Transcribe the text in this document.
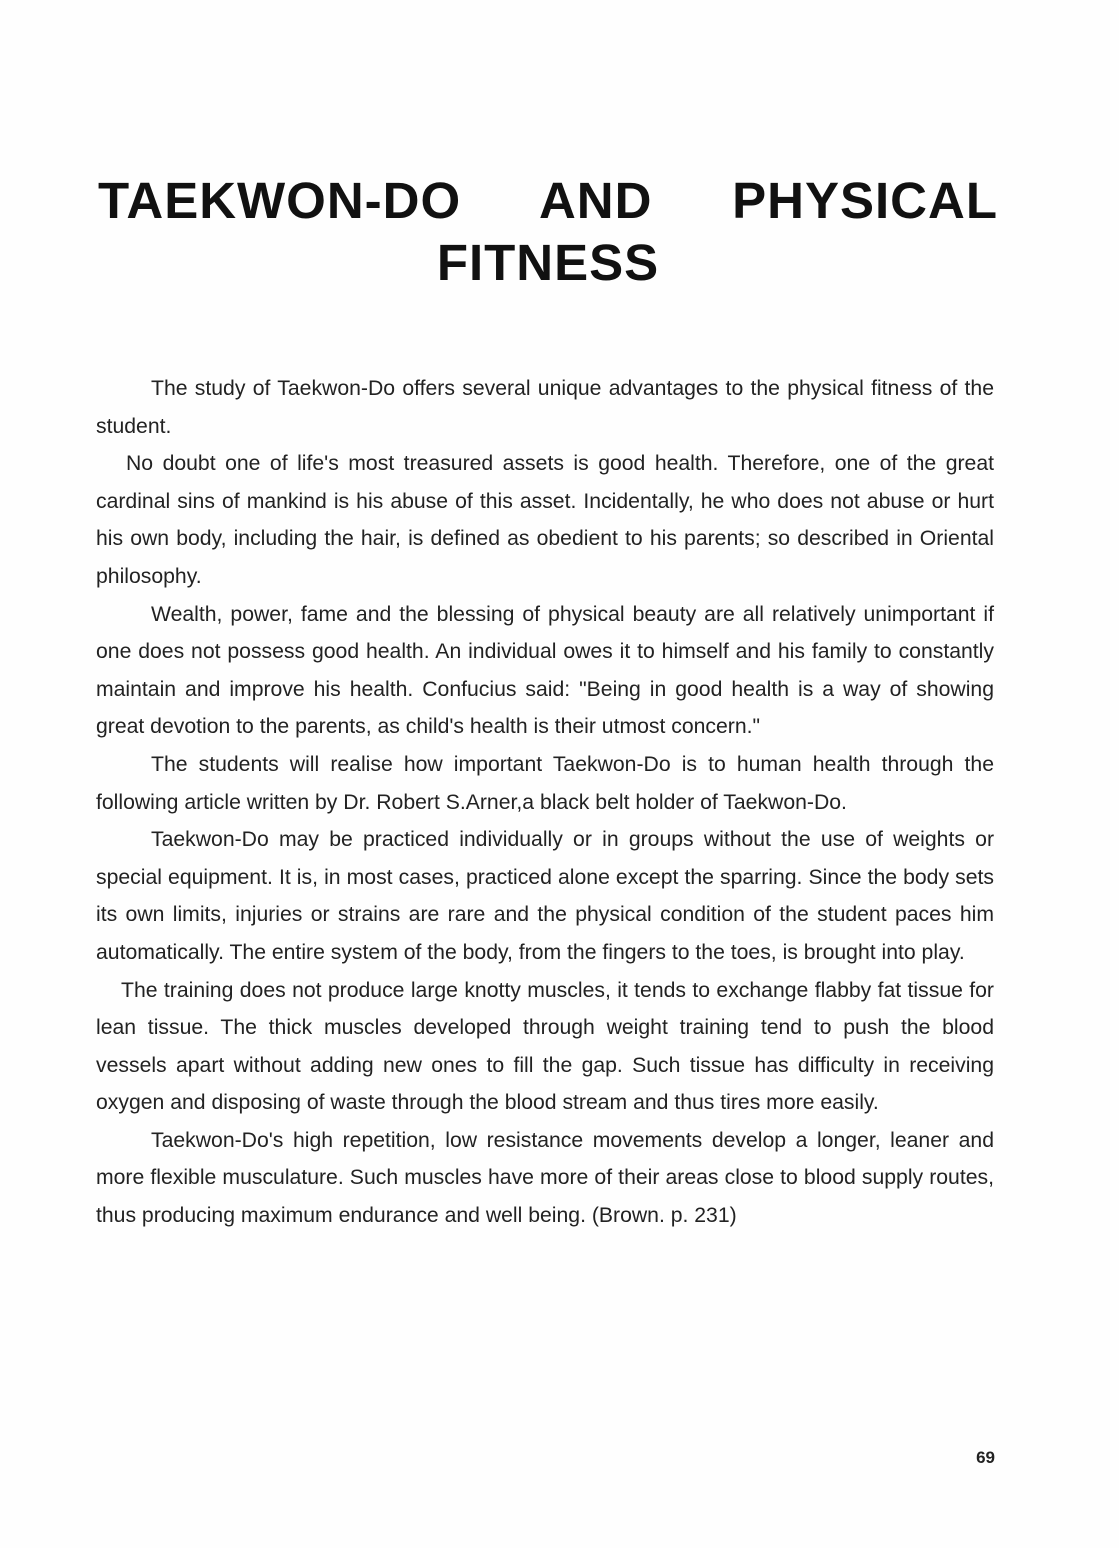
TAEKWON-DO AND PHYSICAL
FITNESS

The study of Taekwon-Do offers several unique advantages to the physical fitness of the student.

No doubt one of life's most treasured assets is good health. Therefore, one of the great cardinal sins of mankind is his abuse of this asset. Incidentally, he who does not abuse or hurt his own body, including the hair, is defined as obedient to his parents; so described in Oriental philosophy.

Wealth, power, fame and the blessing of physical beauty are all relatively unimportant if one does not possess good health. An individual owes it to himself and his family to constantly maintain and improve his health. Confucius said: "Being in good health is a way of showing great devotion to the parents, as child's health is their utmost concern."

The students will realise how important Taekwon-Do is to human health through the following article written by Dr. Robert S.Arner,a black belt holder of Taekwon-Do.

Taekwon-Do may be practiced individually or in groups without the use of weights or special equipment. It is, in most cases, practiced alone except the sparring. Since the body sets its own limits, injuries or strains are rare and the physical condition of the student paces him automatically. The entire system of the body, from the fingers to the toes, is brought into play.

The training does not produce large knotty muscles, it tends to exchange flabby fat tissue for lean tissue. The thick muscles developed through weight training tend to push the blood vessels apart without adding new ones to fill the gap. Such tissue has difficulty in receiving oxygen and disposing of waste through the blood stream and thus tires more easily.

Taekwon-Do's high repetition, low resistance movements develop a longer, leaner and more flexible musculature. Such muscles have more of their areas close to blood supply routes, thus producing maximum endurance and well being. (Brown. p. 231)

69
